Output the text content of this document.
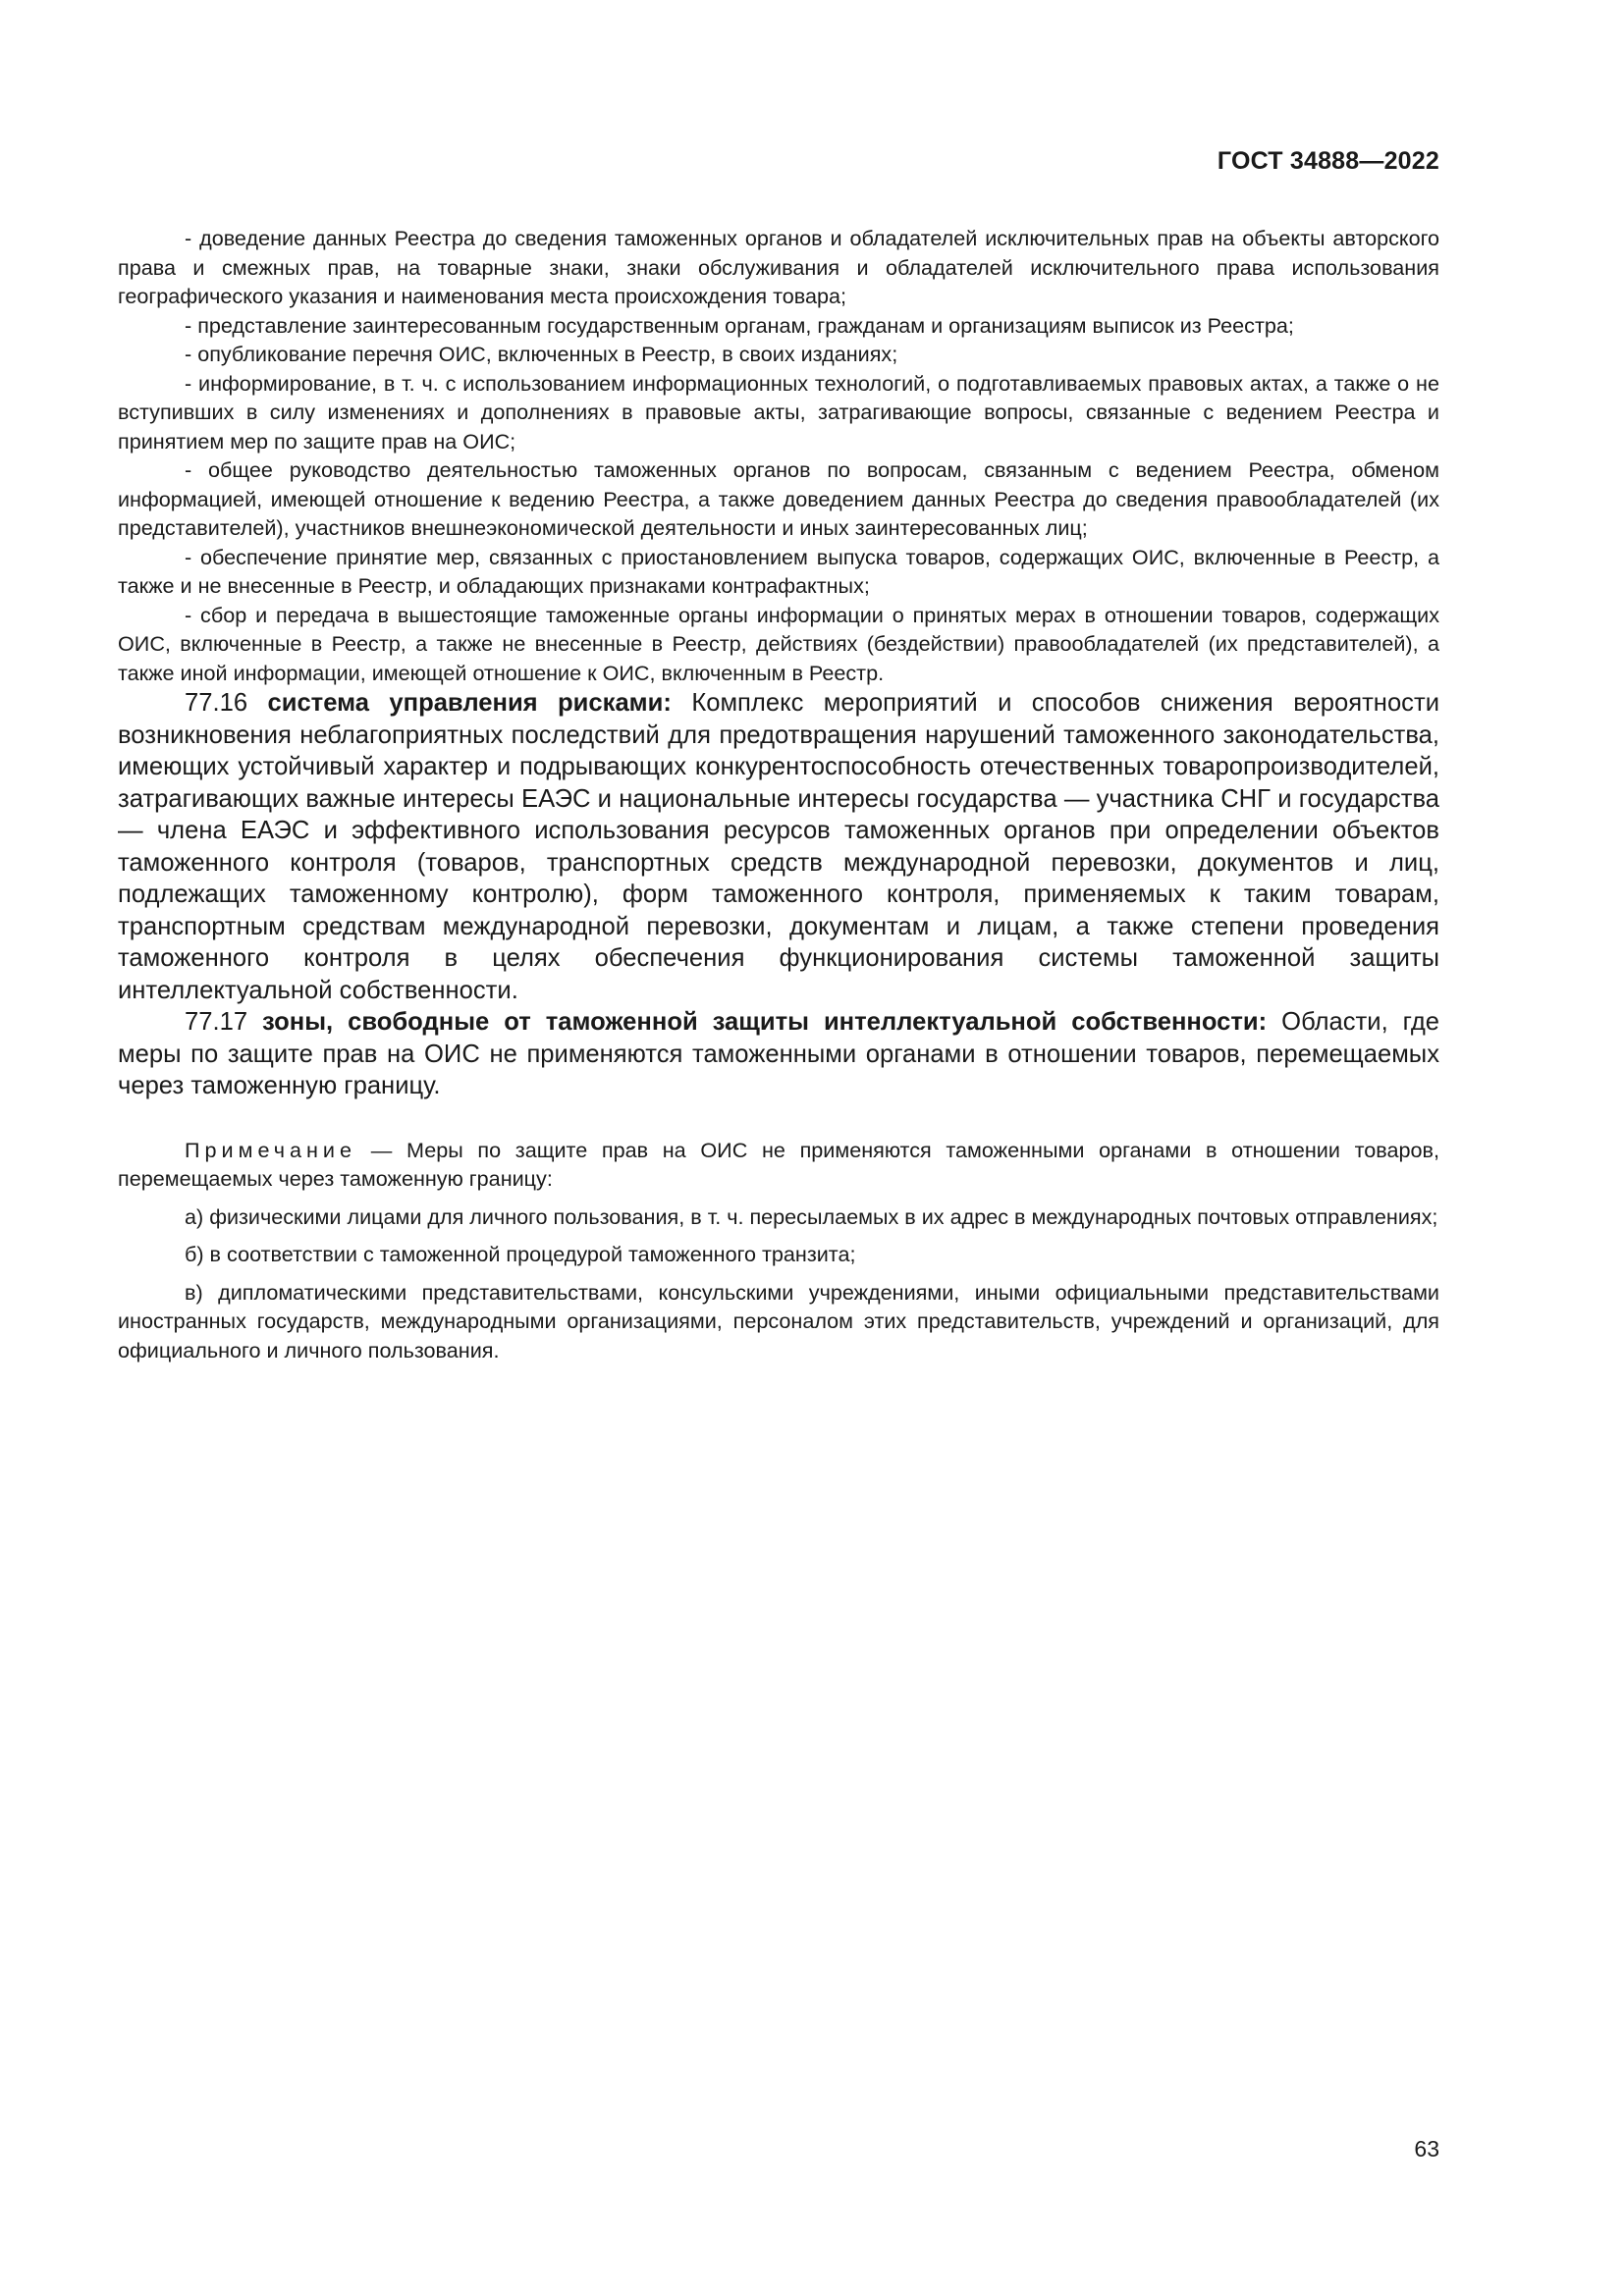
ГОСТ 34888—2022

- доведение данных Реестра до сведения таможенных органов и обладателей исключительных прав на объекты авторского права и смежных прав, на товарные знаки, знаки обслуживания и обладателей исключительного права использования географического указания и наименования места происхождения товара;

- представление заинтересованным государственным органам, гражданам и организациям выписок из Реестра;

- опубликование перечня ОИС, включенных в Реестр, в своих изданиях;

- информирование, в т. ч. с использованием информационных технологий, о подготавливаемых правовых актах, а также о не вступивших в силу изменениях и дополнениях в правовые акты, затрагивающие вопросы, связанные с ведением Реестра и принятием мер по защите прав на ОИС;

- общее руководство деятельностью таможенных органов по вопросам, связанным с ведением Реестра, обменом информацией, имеющей отношение к ведению Реестра, а также доведением данных Реестра до сведения правообладателей (их представителей), участников внешнеэкономической деятельности и иных заинтересованных лиц;

- обеспечение принятие мер, связанных с приостановлением выпуска товаров, содержащих ОИС, включенные в Реестр, а также и не внесенные в Реестр, и обладающих признаками контрафактных;

- сбор и передача в вышестоящие таможенные органы информации о принятых мерах в отношении товаров, содержащих ОИС, включенные в Реестр, а также не внесенные в Реестр, действиях (бездействии) правообладателей (их представителей), а также иной информации, имеющей отношение к ОИС, включенным в Реестр.

77.16 система управления рисками: Комплекс мероприятий и способов снижения вероятности возникновения неблагоприятных последствий для предотвращения нарушений таможенного законодательства, имеющих устойчивый характер и подрывающих конкурентоспособность отечественных товаропроизводителей, затрагивающих важные интересы ЕАЭС и национальные интересы государства — участника СНГ и государства — члена ЕАЭС и эффективного использования ресурсов таможенных органов при определении объектов таможенного контроля (товаров, транспортных средств международной перевозки, документов и лиц, подлежащих таможенному контролю), форм таможенного контроля, применяемых к таким товарам, транспортным средствам международной перевозки, документам и лицам, а также степени проведения таможенного контроля в целях обеспечения функционирования системы таможенной защиты интеллектуальной собственности.

77.17 зоны, свободные от таможенной защиты интеллектуальной собственности: Области, где меры по защите прав на ОИС не применяются таможенными органами в отношении товаров, перемещаемых через таможенную границу.

Примечание — Меры по защите прав на ОИС не применяются таможенными органами в отношении товаров, перемещаемых через таможенную границу:

а) физическими лицами для личного пользования, в т. ч. пересылаемых в их адрес в международных почтовых отправлениях;

б) в соответствии с таможенной процедурой таможенного транзита;

в) дипломатическими представительствами, консульскими учреждениями, иными официальными представительствами иностранных государств, международными организациями, персоналом этих представительств, учреждений и организаций, для официального и личного пользования.

63
